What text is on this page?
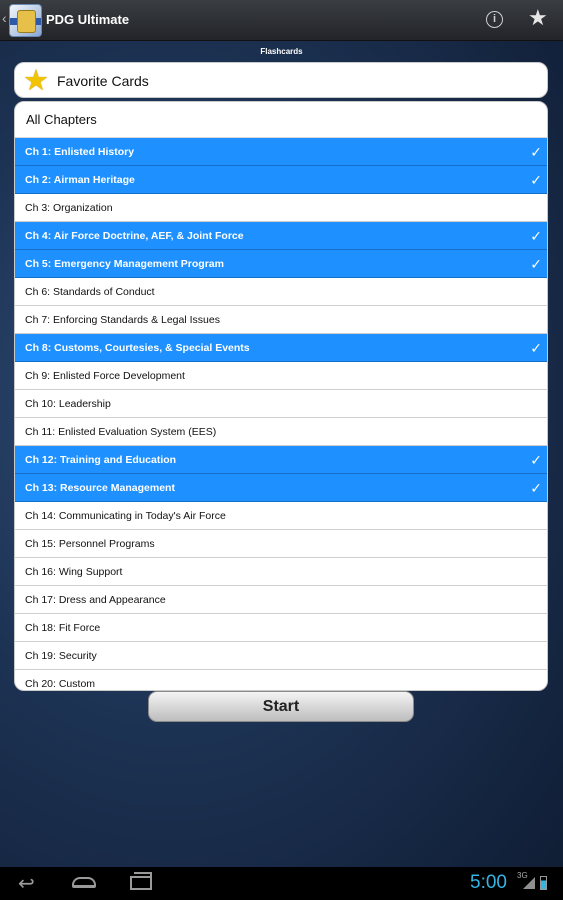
‹	PDG Ultimate	i	★
Flashcards
★ Favorite Cards
All Chapters
Ch 1: Enlisted History	✓
Ch 2: Airman Heritage	✓
Ch 3: Organization
Ch 4: Air Force Doctrine, AEF, & Joint Force	✓
Ch 5: Emergency Management Program	✓
Ch 6: Standards of Conduct
Ch 7: Enforcing Standards & Legal Issues
Ch 8: Customs, Courtesies, & Special Events	✓
Ch 9: Enlisted Force Development
Ch 10: Leadership
Ch 11: Enlisted Evaluation System (EES)
Ch 12: Training and Education	✓
Ch 13: Resource Management	✓
Ch 14: Communicating in Today's Air Force
Ch 15: Personnel Programs
Ch 16: Wing Support
Ch 17: Dress and Appearance
Ch 18: Fit Force
Ch 19: Security
Ch 20: Custom
Start
↩	5:00 3G
